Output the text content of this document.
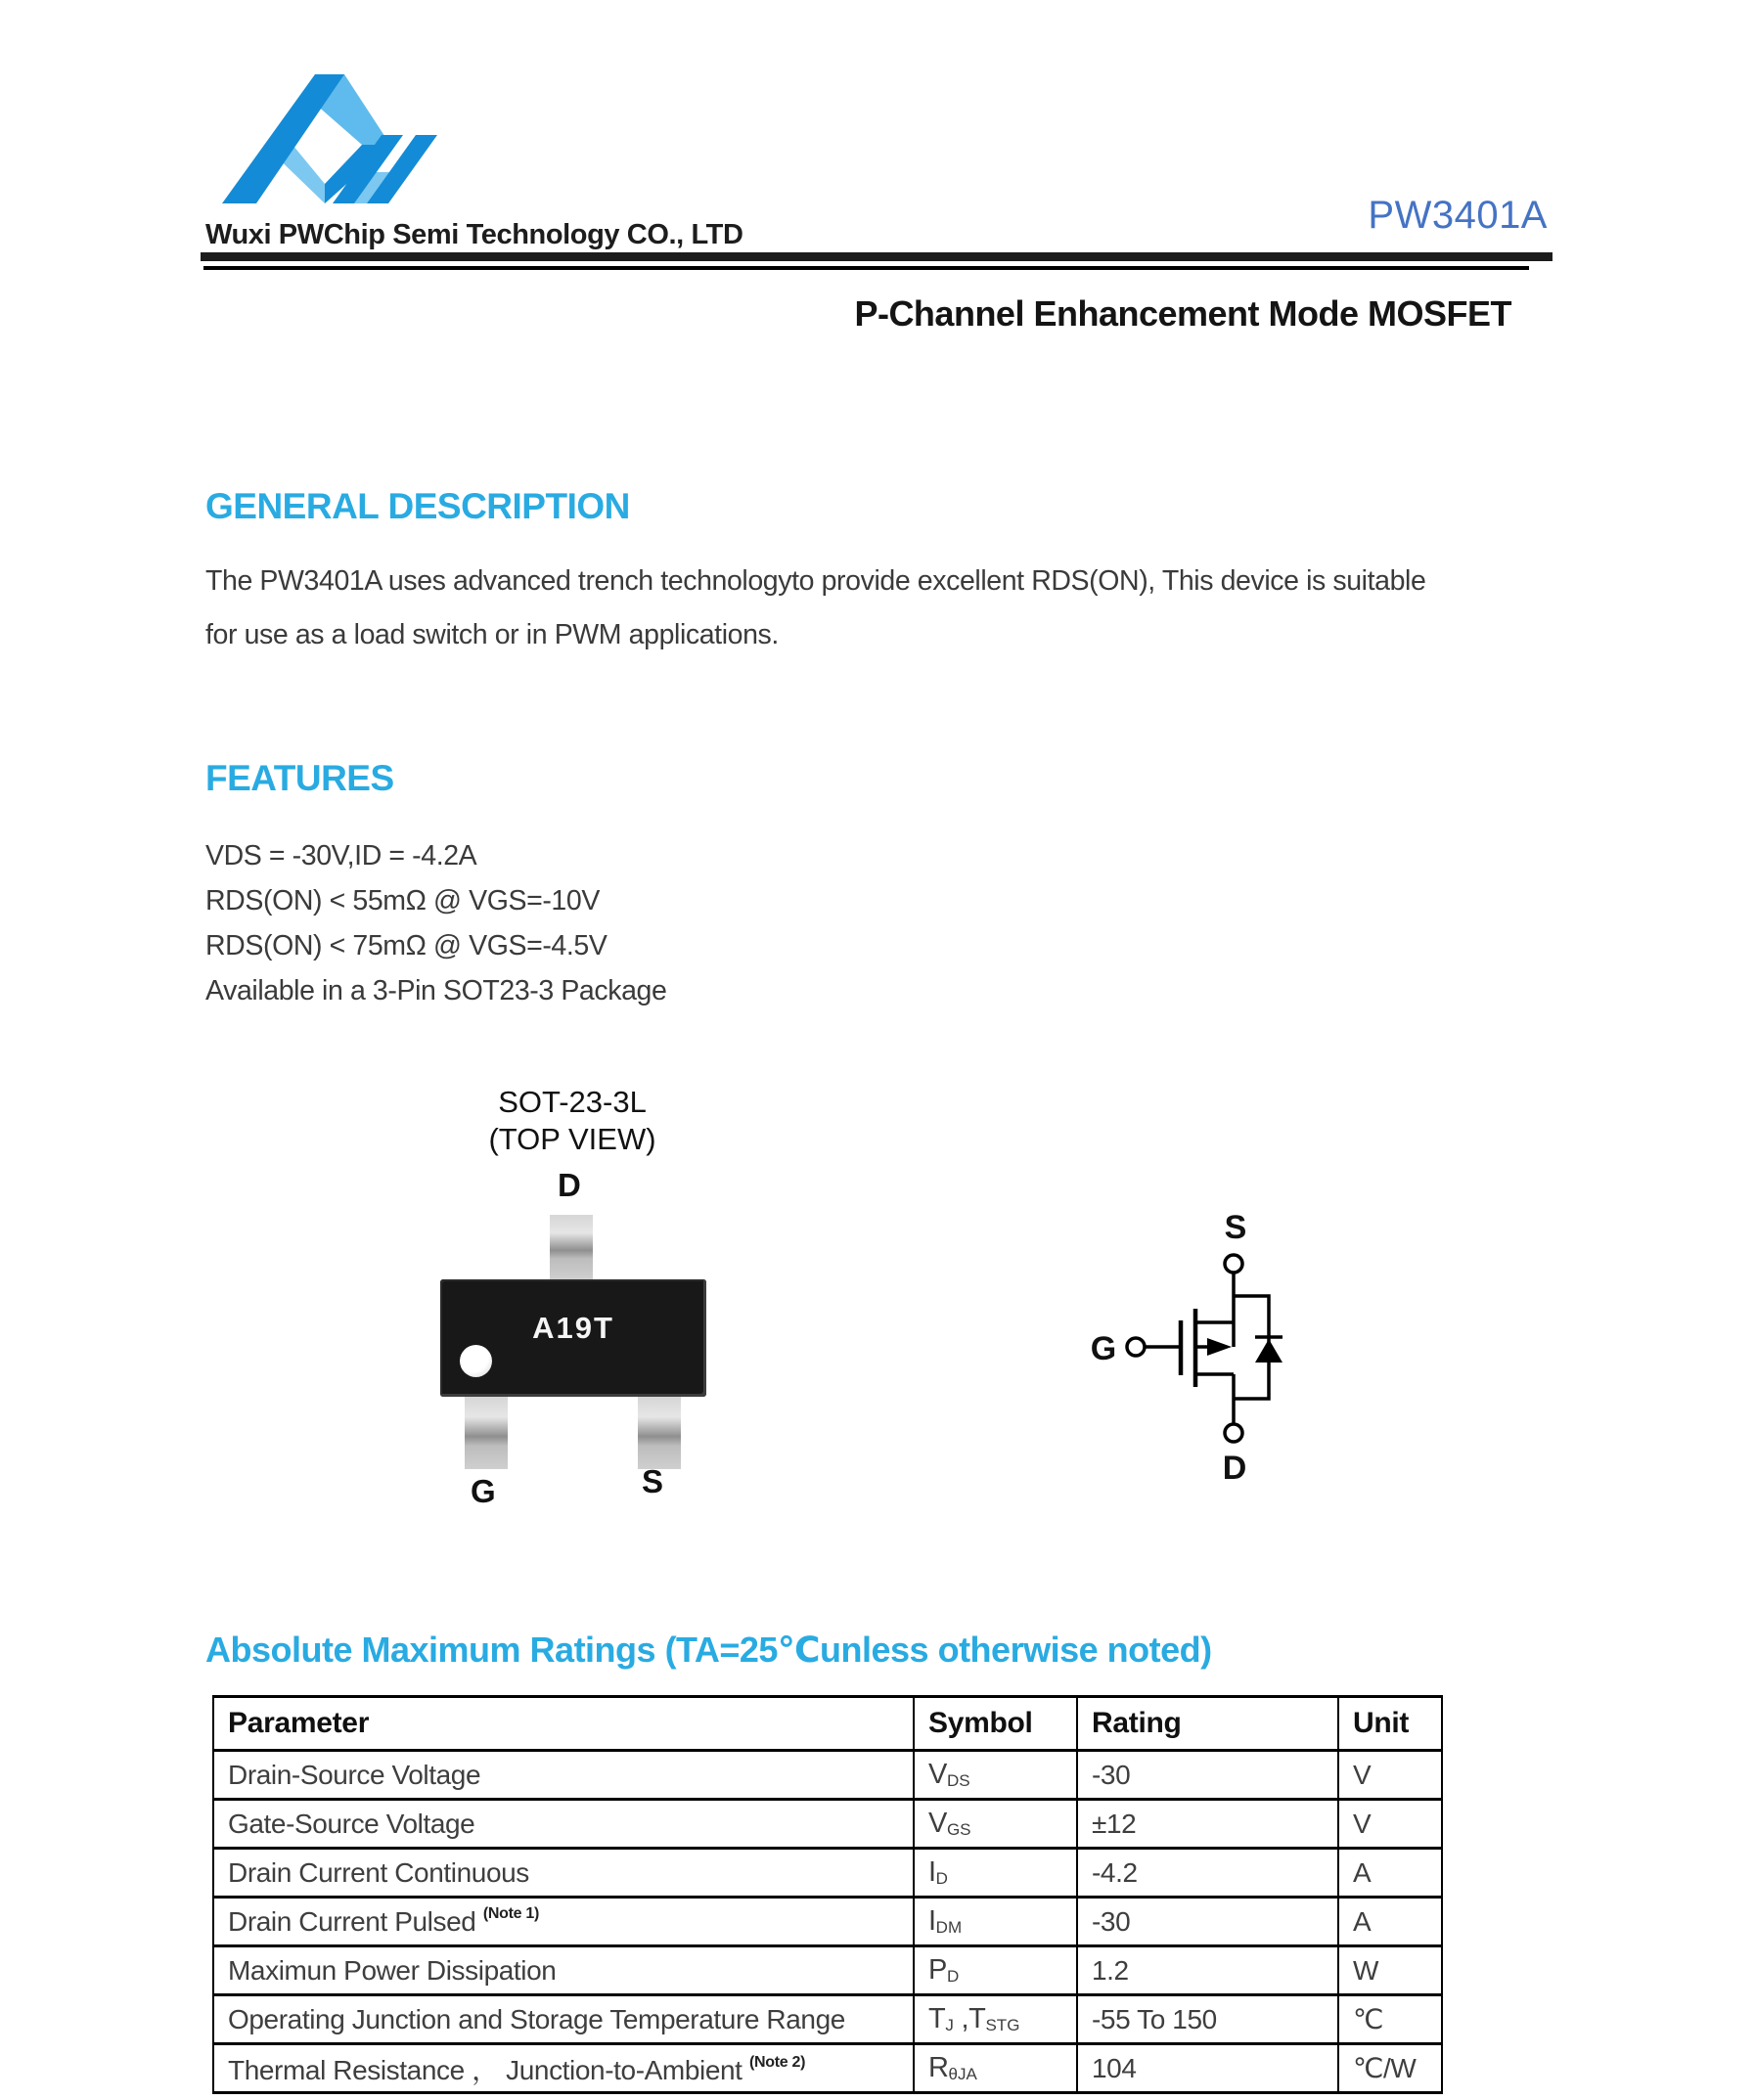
Wuxi PWChip Semi Technology CO., LTD	PW3401A
P-Channel Enhancement Mode MOSFET
GENERAL DESCRIPTION
The PW3401A uses advanced trench technologyto provide excellent RDS(ON), This device is suitable
for use as a load switch or in PWM applications.
FEATURES
VDS = -30V,ID = -4.2A
RDS(ON) < 55mΩ @ VGS=-10V
RDS(ON) < 75mΩ @ VGS=-4.5V
Available in a 3-Pin SOT23-3 Package
SOT-23-3L
(TOP VIEW)
D
A19T
G	S
S
G
D
Absolute Maximum Ratings (TA=25℃unless otherwise noted)
Parameter	Symbol	Rating	Unit
Drain-Source Voltage	VDS	-30	V
Gate-Source Voltage	VGS	±12	V
Drain Current Continuous	ID	-4.2	A
Drain Current Pulsed $^{(Note 1)}$	IDM	-30	A
Maximun Power Dissipation	PD	1.2	W
Operating Junction and Storage Temperature Range	TJ ,TSTG	-55 To 150	℃
Thermal Resistance ， Junction-to-Ambient $^{(Note 2)}$	RθJA	104	℃/W
